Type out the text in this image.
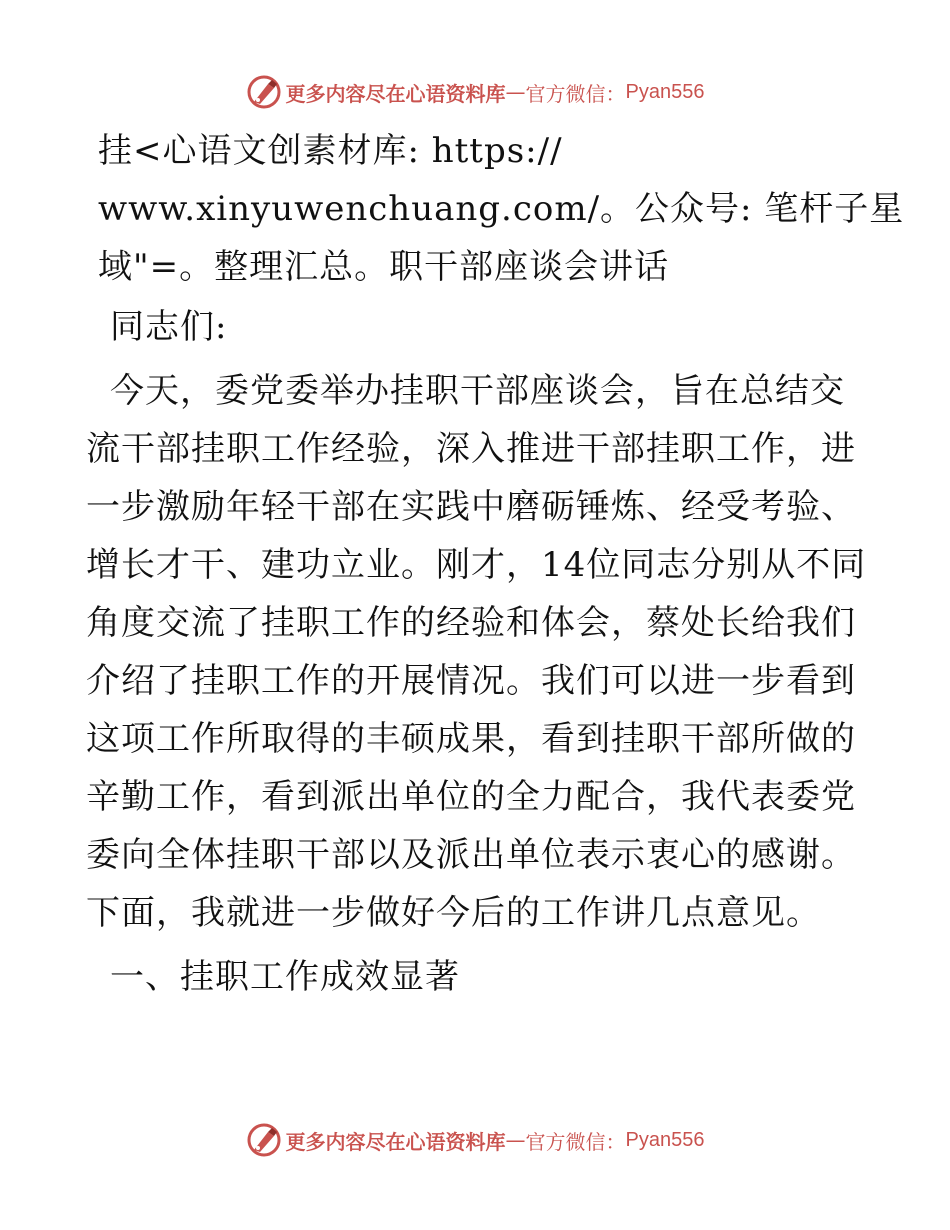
更多内容尽在心语资料库 — 官方微信： Pyan556

挂<心语文创素材库: https://
www.xinyuwenchuang.com/。公众号: 笔杆子星
域"=。整理汇总。职干部座谈会讲话

同志们:

今天，委党委举办挂职干部座谈会，旨在总结交
流干部挂职工作经验，深入推进干部挂职工作，进
一步激励年轻干部在实践中磨砺锤炼、经受考验、
增长才干、建功立业。刚才，14位同志分别从不同
角度交流了挂职工作的经验和体会，蔡处长给我们
介绍了挂职工作的开展情况。我们可以进一步看到
这项工作所取得的丰硕成果，看到挂职干部所做的
辛勤工作，看到派出单位的全力配合，我代表委党
委向全体挂职干部以及派出单位表示衷心的感谢。
下面，我就进一步做好今后的工作讲几点意见。

一、挂职工作成效显著

更多内容尽在心语资料库 — 官方微信： Pyan556
